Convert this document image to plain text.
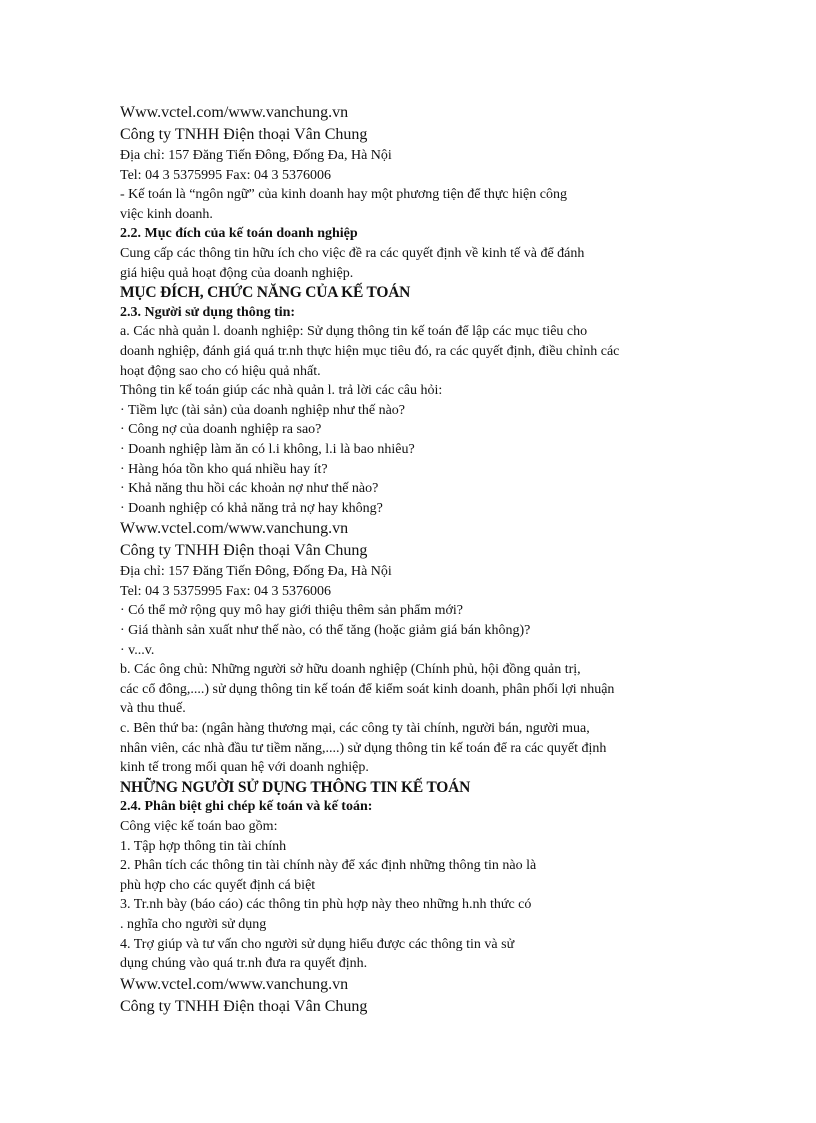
Www.vctel.com/www.vanchung.vn
Công ty TNHH Điện thoại Vân Chung
Địa chỉ: 157 Đăng Tiến Đông, Đống Đa, Hà Nội
Tel: 04 3 5375995 Fax: 04 3 5376006
- Kế toán là “ngôn ngữ” của kinh doanh hay một phương tiện để thực hiện công
việc kinh doanh.
2.2. Mục đích của kế toán doanh nghiệp
Cung cấp các thông tin hữu ích cho việc đề ra các quyết định về kinh tế và để đánh
giá hiệu quả hoạt động của doanh nghiệp.
MỤC ĐÍCH, CHỨC NĂNG CỦA KẾ TOÁN
2.3. Người sử dụng thông tin:
a. Các nhà quản l. doanh nghiệp: Sử dụng thông tin kế toán để lập các mục tiêu cho
doanh nghiệp, đánh giá quá tr.nh thực hiện mục tiêu đó, ra các quyết định, điều chỉnh các
hoạt động sao cho có hiệu quả nhất.
Thông tin kế toán giúp các nhà quản l. trả lời các câu hỏi:
· Tiềm lực (tài sản) của doanh nghiệp như thế nào?
· Công nợ của doanh nghiệp ra sao?
· Doanh nghiệp làm ăn có l.i không, l.i là bao nhiêu?
· Hàng hóa tồn kho quá nhiều hay ít?
· Khả năng thu hồi các khoản nợ như thế nào?
· Doanh nghiệp có khả năng trả nợ hay không?
Www.vctel.com/www.vanchung.vn
Công ty TNHH Điện thoại Vân Chung
Địa chỉ: 157 Đăng Tiến Đông, Đống Đa, Hà Nội
Tel: 04 3 5375995 Fax: 04 3 5376006
· Có thể mở rộng quy mô hay giới thiệu thêm sản phẩm mới?
· Giá thành sản xuất như thế nào, có thể tăng (hoặc giảm giá bán không)?
· v...v.
b. Các ông chủ: Những người sở hữu doanh nghiệp (Chính phủ, hội đồng quản trị,
các cổ đông,....) sử dụng thông tin kế toán để kiểm soát kinh doanh, phân phối lợi nhuận
và thu thuế.
c. Bên thứ ba: (ngân hàng thương mại, các công ty tài chính, người bán, người mua,
nhân viên, các nhà đầu tư tiềm năng,....) sử dụng thông tin kế toán để ra các quyết định
kinh tế trong mối quan hệ với doanh nghiệp.
NHỮNG NGƯỜI SỬ DỤNG THÔNG TIN KẾ TOÁN
2.4. Phân biệt ghi chép kế toán và kế toán:
Công việc kế toán bao gồm:
1. Tập hợp thông tin tài chính
2. Phân tích các thông tin tài chính này để xác định những thông tin nào là
phù hợp cho các quyết định cá biệt
3. Tr.nh bày (báo cáo) các thông tin phù hợp này theo những h.nh thức có
. nghĩa cho người sử dụng
4. Trợ giúp và tư vấn cho người sử dụng hiểu được các thông tin và sử
dụng chúng vào quá tr.nh đưa ra quyết định.
Www.vctel.com/www.vanchung.vn
Công ty TNHH Điện thoại Vân Chung
